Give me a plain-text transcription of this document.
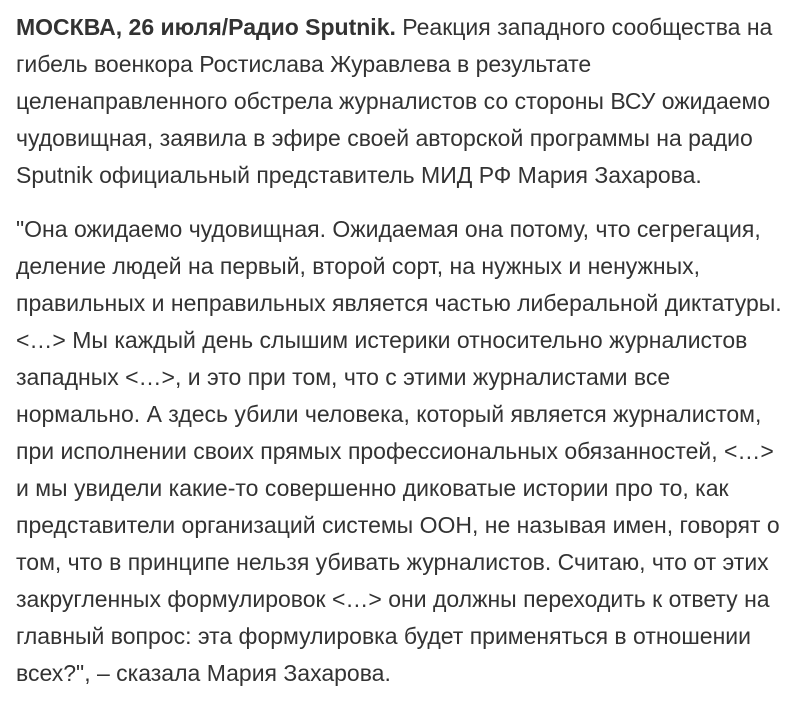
МОСКВА, 26 июля/Радио Sputnik. Реакция западного сообщества на
гибель военкора Ростислава Журавлева в результате
целенаправленного обстрела журналистов со стороны ВСУ ожидаемо
чудовищная, заявила в эфире своей авторской программы на радио
Sputnik официальный представитель МИД РФ Мария Захарова.

"Она ожидаемо чудовищная. Ожидаемая она потому, что сегрегация,
деление людей на первый, второй сорт, на нужных и ненужных,
правильных и неправильных является частью либеральной диктатуры.
<…> Мы каждый день слышим истерики относительно журналистов
западных <…>, и это при том, что с этими журналистами все
нормально. А здесь убили человека, который является журналистом,
при исполнении своих прямых профессиональных обязанностей, <…>
и мы увидели какие-то совершенно диковатые истории про то, как
представители организаций системы ООН, не называя имен, говорят о
том, что в принципе нельзя убивать журналистов. Считаю, что от этих
закругленных формулировок <…> они должны переходить к ответу на
главный вопрос: эта формулировка будет применяться в отношении
всех?", – сказала Мария Захарова.
